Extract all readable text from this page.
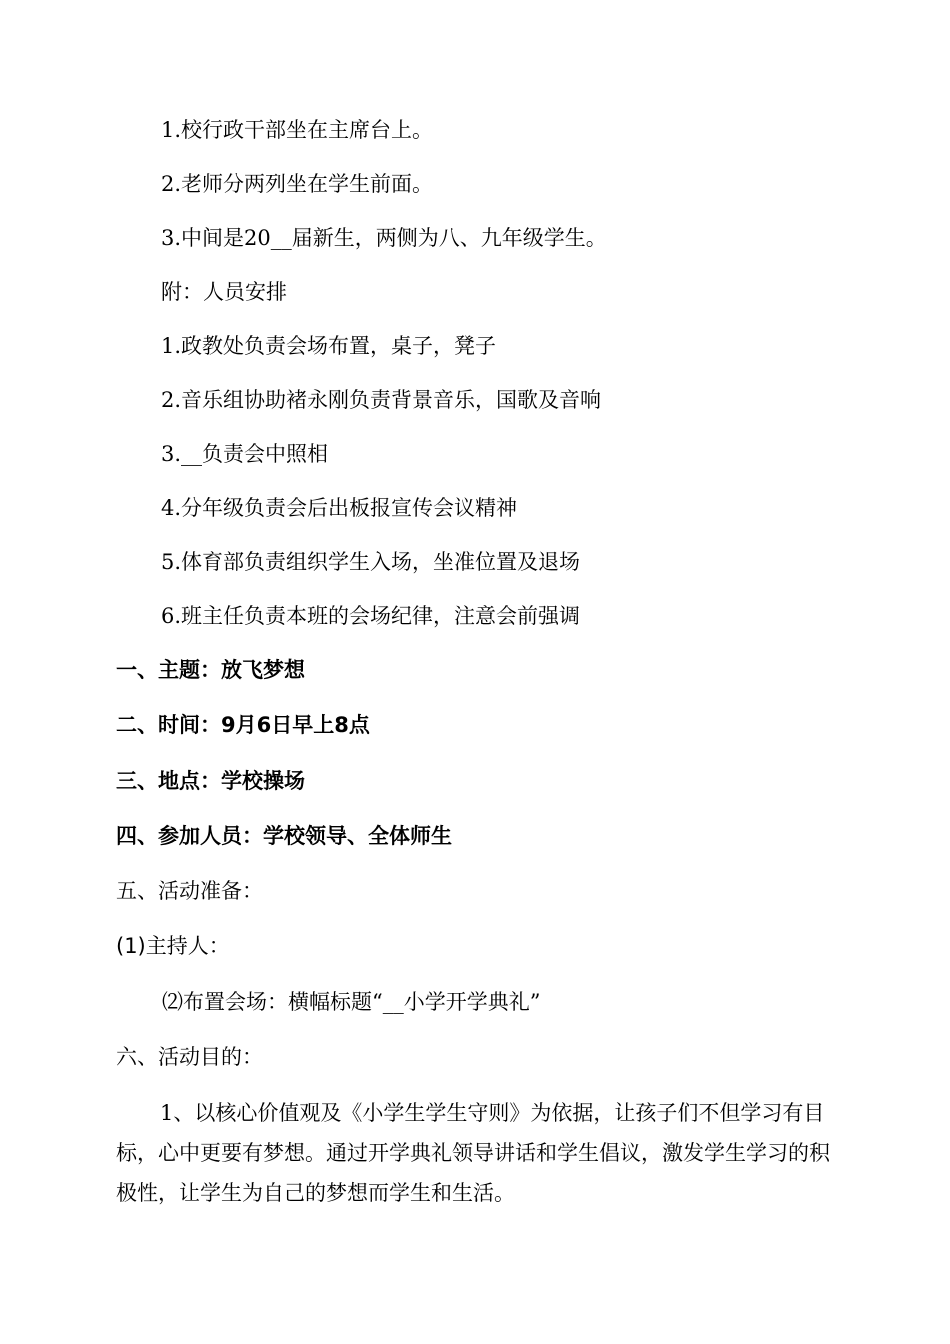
1.校行政干部坐在主席台上。
2.老师分两列坐在学生前面。
3.中间是20__届新生，两侧为八、九年级学生。
附：人员安排
1.政教处负责会场布置，桌子，凳子
2.音乐组协助褚永刚负责背景音乐，国歌及音响
3.__负责会中照相
4.分年级负责会后出板报宣传会议精神
5.体育部负责组织学生入场，坐准位置及退场
6.班主任负责本班的会场纪律，注意会前强调
一、主题：放飞梦想
二、时间：9月6日早上8点
三、地点：学校操场
四、参加人员：学校领导、全体师生
五、活动准备：
(1)主持人：
⑵布置会场：横幅标题“__小学开学典礼”
六、活动目的：
1、以核心价值观及《小学生学生守则》为依据，让孩子们不但学习有目标，心中更要有梦想。通过开学典礼领导讲话和学生倡议，激发学生学习的积极性，让学生为自己的梦想而学生和生活。
